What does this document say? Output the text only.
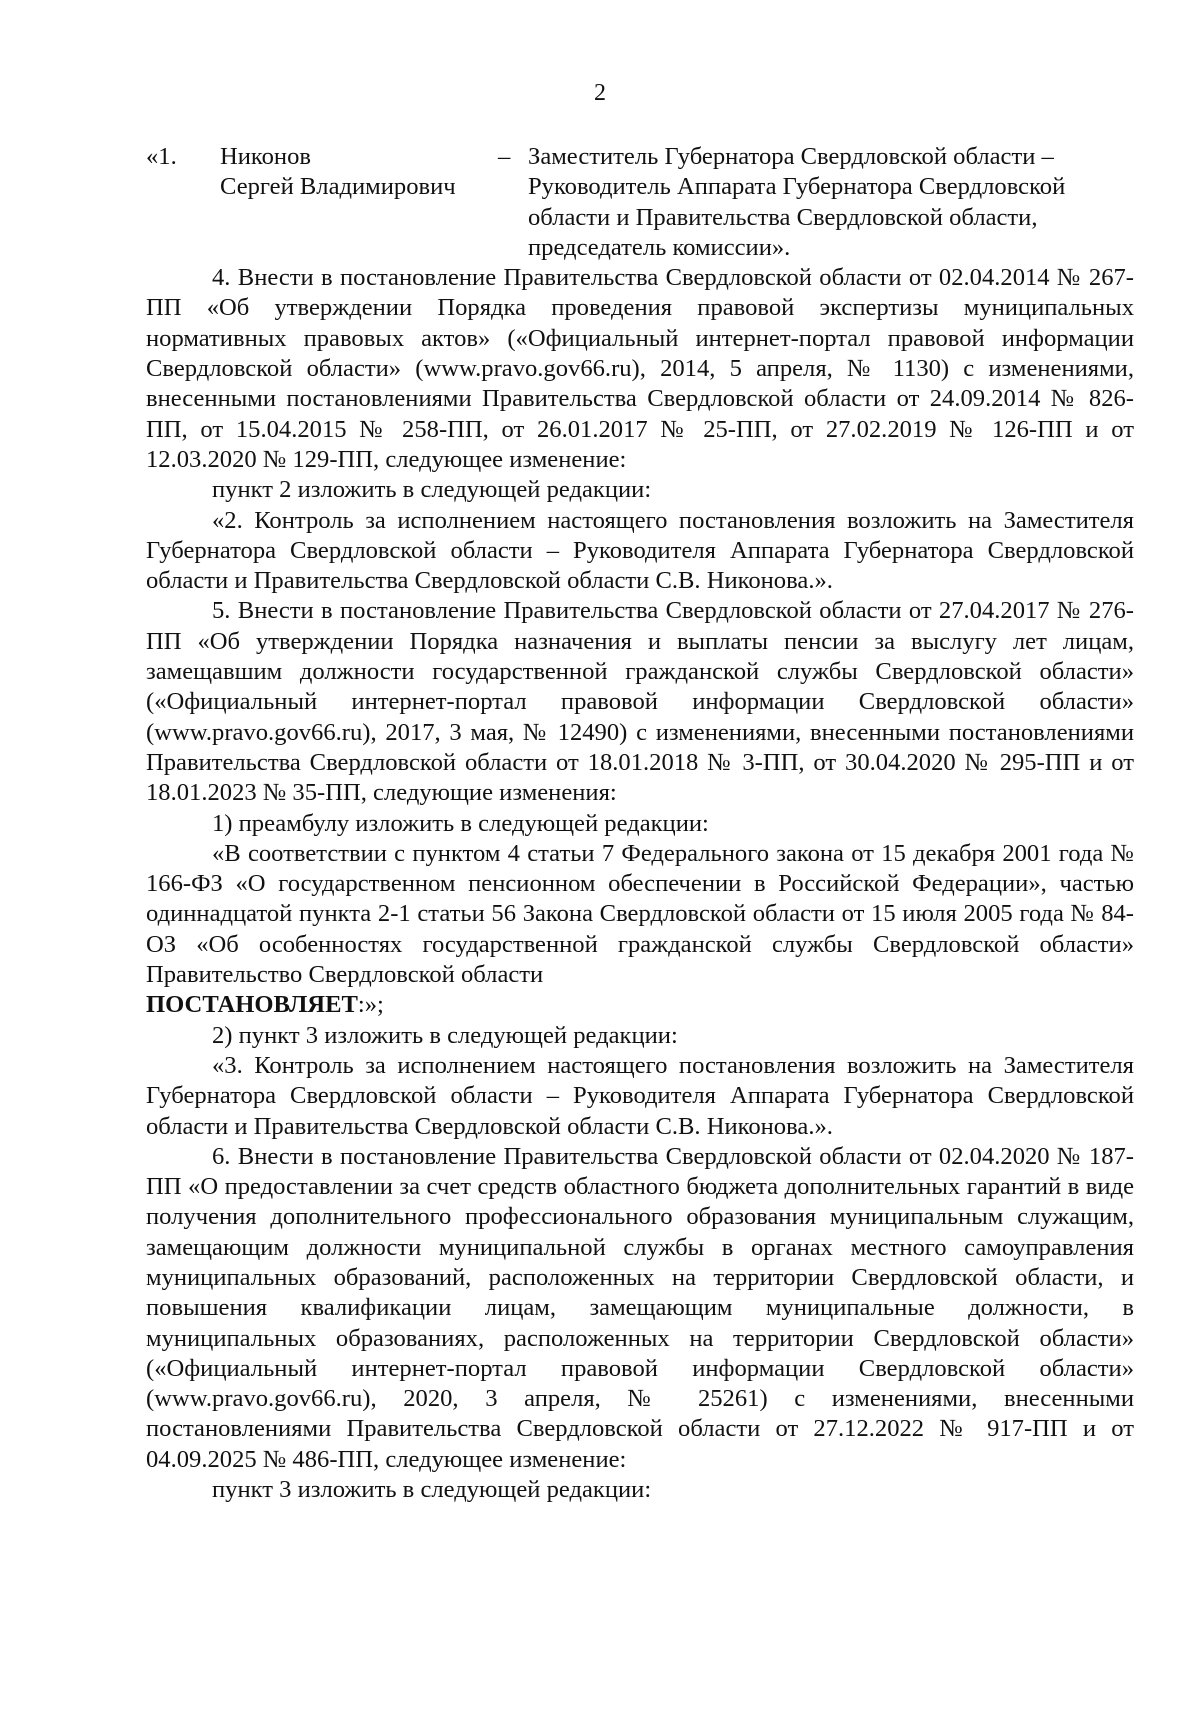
2
«1.	Никонов
Сергей Владимирович
– Заместитель Губернатора Свердловской области –
Руководитель Аппарата Губернатора Свердловской
области и Правительства Свердловской области,
председатель комиссии».

4. Внести в постановление Правительства Свердловской области от 02.04.2014 № 267-ПП «Об утверждении Порядка проведения правовой экспертизы муниципальных нормативных правовых актов» («Официальный интернет-портал правовой информации Свердловской области» (www.pravo.gov66.ru), 2014, 5 апреля, № 1130) с изменениями, внесенными постановлениями Правительства Свердловской области от 24.09.2014 № 826-ПП, от 15.04.2015 № 258-ПП, от 26.01.2017 № 25-ПП, от 27.02.2019 № 126-ПП и от 12.03.2020 № 129-ПП, следующее изменение:

пункт 2 изложить в следующей редакции:

«2. Контроль за исполнением настоящего постановления возложить на Заместителя Губернатора Свердловской области – Руководителя Аппарата Губернатора Свердловской области и Правительства Свердловской области С.В. Никонова.».

5. Внести в постановление Правительства Свердловской области от 27.04.2017 № 276-ПП «Об утверждении Порядка назначения и выплаты пенсии за выслугу лет лицам, замещавшим должности государственной гражданской службы Свердловской области» («Официальный интернет-портал правовой информации Свердловской области» (www.pravo.gov66.ru), 2017, 3 мая, № 12490) с изменениями, внесенными постановлениями Правительства Свердловской области от 18.01.2018 № 3-ПП, от 30.04.2020 № 295-ПП и от 18.01.2023 № 35-ПП, следующие изменения:

1) преамбулу изложить в следующей редакции:

«В соответствии с пунктом 4 статьи 7 Федерального закона от 15 декабря 2001 года № 166-ФЗ «О государственном пенсионном обеспечении в Российской Федерации», частью одиннадцатой пункта 2-1 статьи 56 Закона Свердловской области от 15 июля 2005 года № 84-ОЗ «Об особенностях государственной гражданской службы Свердловской области» Правительство Свердловской области

ПОСТАНОВЛЯЕТ:»;

2) пункт 3 изложить в следующей редакции:

«3. Контроль за исполнением настоящего постановления возложить на Заместителя Губернатора Свердловской области – Руководителя Аппарата Губернатора Свердловской области и Правительства Свердловской области С.В. Никонова.».

6. Внести в постановление Правительства Свердловской области от 02.04.2020 № 187-ПП «О предоставлении за счет средств областного бюджета дополнительных гарантий в виде получения дополнительного профессионального образования муниципальным служащим, замещающим должности муниципальной службы в органах местного самоуправления муниципальных образований, расположенных на территории Свердловской области, и повышения квалификации лицам, замещающим муниципальные должности, в муниципальных образованиях, расположенных на территории Свердловской области» («Официальный интернет-портал правовой информации Свердловской области» (www.pravo.gov66.ru), 2020, 3 апреля, № 25261) с изменениями, внесенными постановлениями Правительства Свердловской области от 27.12.2022 № 917-ПП и от 04.09.2025 № 486-ПП, следующее изменение:

пункт 3 изложить в следующей редакции:
